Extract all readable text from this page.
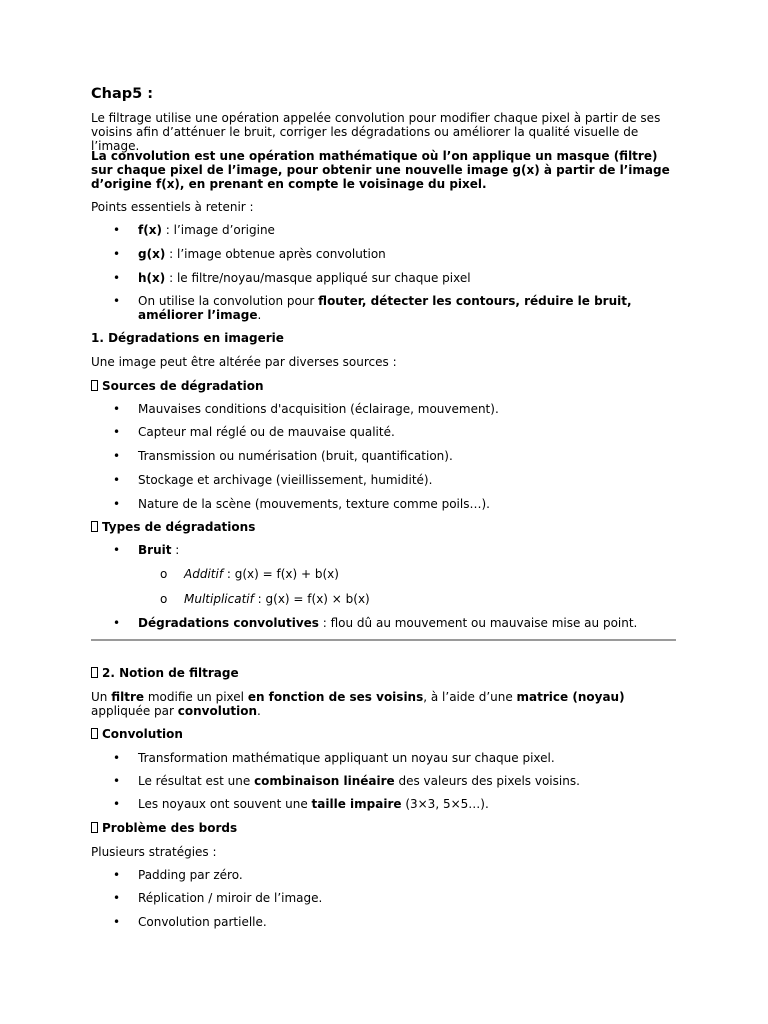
Chap5 :

Le filtrage utilise une opération appelée convolution pour modifier chaque pixel à partir de ses voisins afin d’atténuer le bruit, corriger les dégradations ou améliorer la qualité visuelle de l’image.

La convolution est une opération mathématique où l’on applique un masque (filtre) sur chaque pixel de l’image, pour obtenir une nouvelle image g(x) à partir de l’image d’origine f(x), en prenant en compte le voisinage du pixel.

Points essentiels à retenir :

• f(x) : l’image d’origine

• g(x) : l’image obtenue après convolution

• h(x) : le filtre/noyau/masque appliqué sur chaque pixel

• On utilise la convolution pour flouter, détecter les contours, réduire le bruit, améliorer l’image.

1. Dégradations en imagerie

Une image peut être altérée par diverses sources :

Sources de dégradation

• Mauvaises conditions d'acquisition (éclairage, mouvement).

• Capteur mal réglé ou de mauvaise qualité.

• Transmission ou numérisation (bruit, quantification).

• Stockage et archivage (vieillissement, humidité).

• Nature de la scène (mouvements, texture comme poils…).

Types de dégradations

• Bruit :

o Additif : g(x) = f(x) + b(x)

o Multiplicatif : g(x) = f(x) × b(x)

• Dégradations convolutives : flou dû au mouvement ou mauvaise mise au point.

2. Notion de filtrage

Un filtre modifie un pixel en fonction de ses voisins, à l’aide d’une matrice (noyau) appliquée par convolution.

Convolution

• Transformation mathématique appliquant un noyau sur chaque pixel.

• Le résultat est une combinaison linéaire des valeurs des pixels voisins.

• Les noyaux ont souvent une taille impaire (3×3, 5×5…).

Problème des bords

Plusieurs stratégies :

• Padding par zéro.

• Réplication / miroir de l’image.

• Convolution partielle.
